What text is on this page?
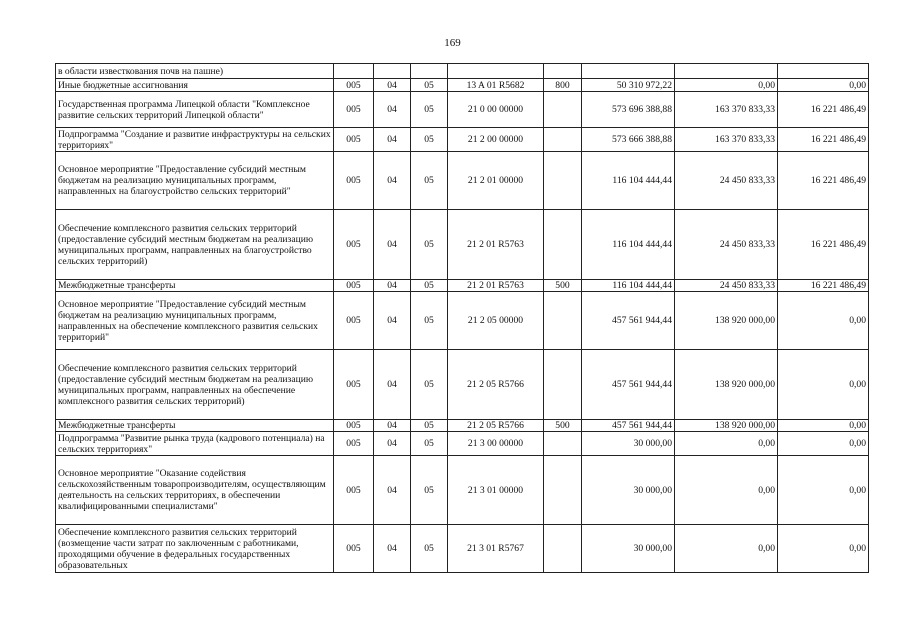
169
в области известкования почв на пашне)								
Иные бюджетные ассигнования	005	04	05	13 A 01 R5682	800	50 310 972,22	0,00	0,00
Государственная программа Липецкой области "Комплексное развитие сельских территорий Липецкой области"	005	04	05	21 0 00 00000		573 696 388,88	163 370 833,33	16 221 486,49
Подпрограмма "Создание и развитие инфраструктуры на сельских территориях"	005	04	05	21 2 00 00000		573 666 388,88	163 370 833,33	16 221 486,49
Основное мероприятие "Предоставление субсидий местным бюджетам на реализацию муниципальных программ, направленных на благоустройство сельских территорий"	005	04	05	21 2 01 00000		116 104 444,44	24 450 833,33	16 221 486,49
Обеспечение комплексного развития сельских территорий (предоставление субсидий местным бюджетам на реализацию муниципальных программ, направленных на благоустройство сельских территорий)	005	04	05	21 2 01 R5763		116 104 444,44	24 450 833,33	16 221 486,49
Межбюджетные трансферты	005	04	05	21 2 01 R5763	500	116 104 444,44	24 450 833,33	16 221 486,49
Основное мероприятие "Предоставление субсидий местным бюджетам на реализацию муниципальных программ, направленных на обеспечение комплексного развития сельских территорий"	005	04	05	21 2 05 00000		457 561 944,44	138 920 000,00	0,00
Обеспечение комплексного развития сельских территорий (предоставление субсидий местным бюджетам на реализацию муниципальных программ, направленных на обеспечение комплексного развития сельских территорий)	005	04	05	21 2 05 R5766		457 561 944,44	138 920 000,00	0,00
Межбюджетные трансферты	005	04	05	21 2 05 R5766	500	457 561 944,44	138 920 000,00	0,00
Подпрограмма "Развитие рынка труда (кадрового потенциала) на сельских территориях"	005	04	05	21 3 00 00000		30 000,00	0,00	0,00
Основное мероприятие "Оказание содействия сельскохозяйственным товаропроизводителям, осуществляющим деятельность на сельских территориях, в обеспечении квалифицированными специалистами"	005	04	05	21 3 01 00000		30 000,00	0,00	0,00
Обеспечение комплексного развития сельских территорий (возмещение части затрат по заключенным с работниками, проходящими обучение в федеральных государственных образовательных	005	04	05	21 3 01 R5767		30 000,00	0,00	0,00
